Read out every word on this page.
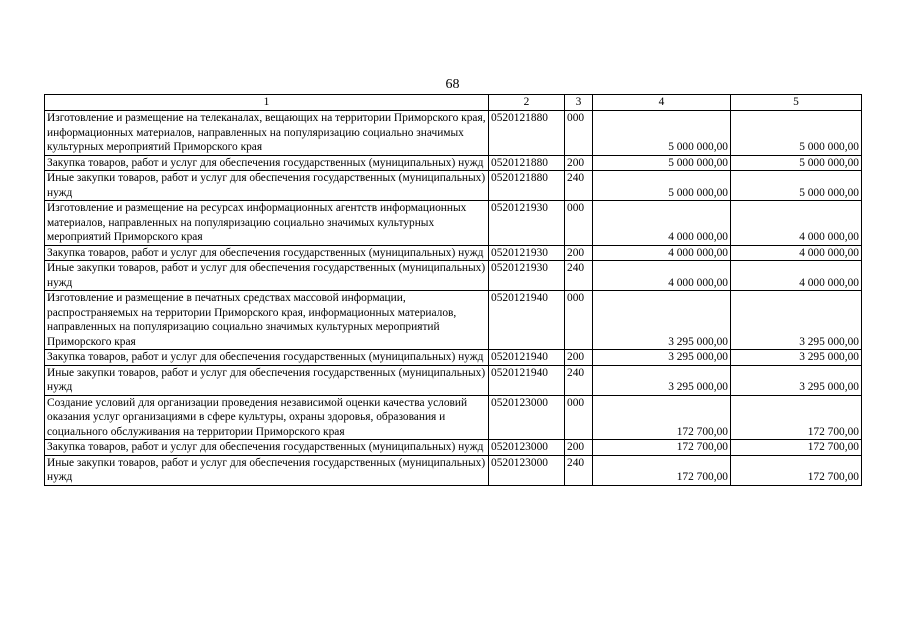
68
1	2	3	4	5
Изготовление и размещение на телеканалах, вещающих на территории Приморского края, информационных материалов, направленных на популяризацию социально значимых культурных мероприятий Приморского края	0520121880	000	5 000 000,00	5 000 000,00
Закупка товаров, работ и услуг для обеспечения государственных (муниципальных) нужд	0520121880	200	5 000 000,00	5 000 000,00
Иные закупки товаров, работ и услуг для обеспечения государственных (муниципальных) нужд	0520121880	240	5 000 000,00	5 000 000,00
Изготовление и размещение на ресурсах информационных агентств информационных материалов, направленных на популяризацию социально значимых культурных мероприятий Приморского края	0520121930	000	4 000 000,00	4 000 000,00
Закупка товаров, работ и услуг для обеспечения государственных (муниципальных) нужд	0520121930	200	4 000 000,00	4 000 000,00
Иные закупки товаров, работ и услуг для обеспечения государственных (муниципальных) нужд	0520121930	240	4 000 000,00	4 000 000,00
Изготовление и размещение в печатных средствах массовой информации, распространяемых на территории Приморского края, информационных материалов, направленных на популяризацию социально значимых культурных мероприятий Приморского края	0520121940	000	3 295 000,00	3 295 000,00
Закупка товаров, работ и услуг для обеспечения государственных (муниципальных) нужд	0520121940	200	3 295 000,00	3 295 000,00
Иные закупки товаров, работ и услуг для обеспечения государственных (муниципальных) нужд	0520121940	240	3 295 000,00	3 295 000,00
Создание условий для организации проведения независимой оценки качества условий оказания услуг организациями в сфере культуры, охраны здоровья, образования и социального обслуживания на территории Приморского края	0520123000	000	172 700,00	172 700,00
Закупка товаров, работ и услуг для обеспечения государственных (муниципальных) нужд	0520123000	200	172 700,00	172 700,00
Иные закупки товаров, работ и услуг для обеспечения государственных (муниципальных) нужд	0520123000	240	172 700,00	172 700,00
